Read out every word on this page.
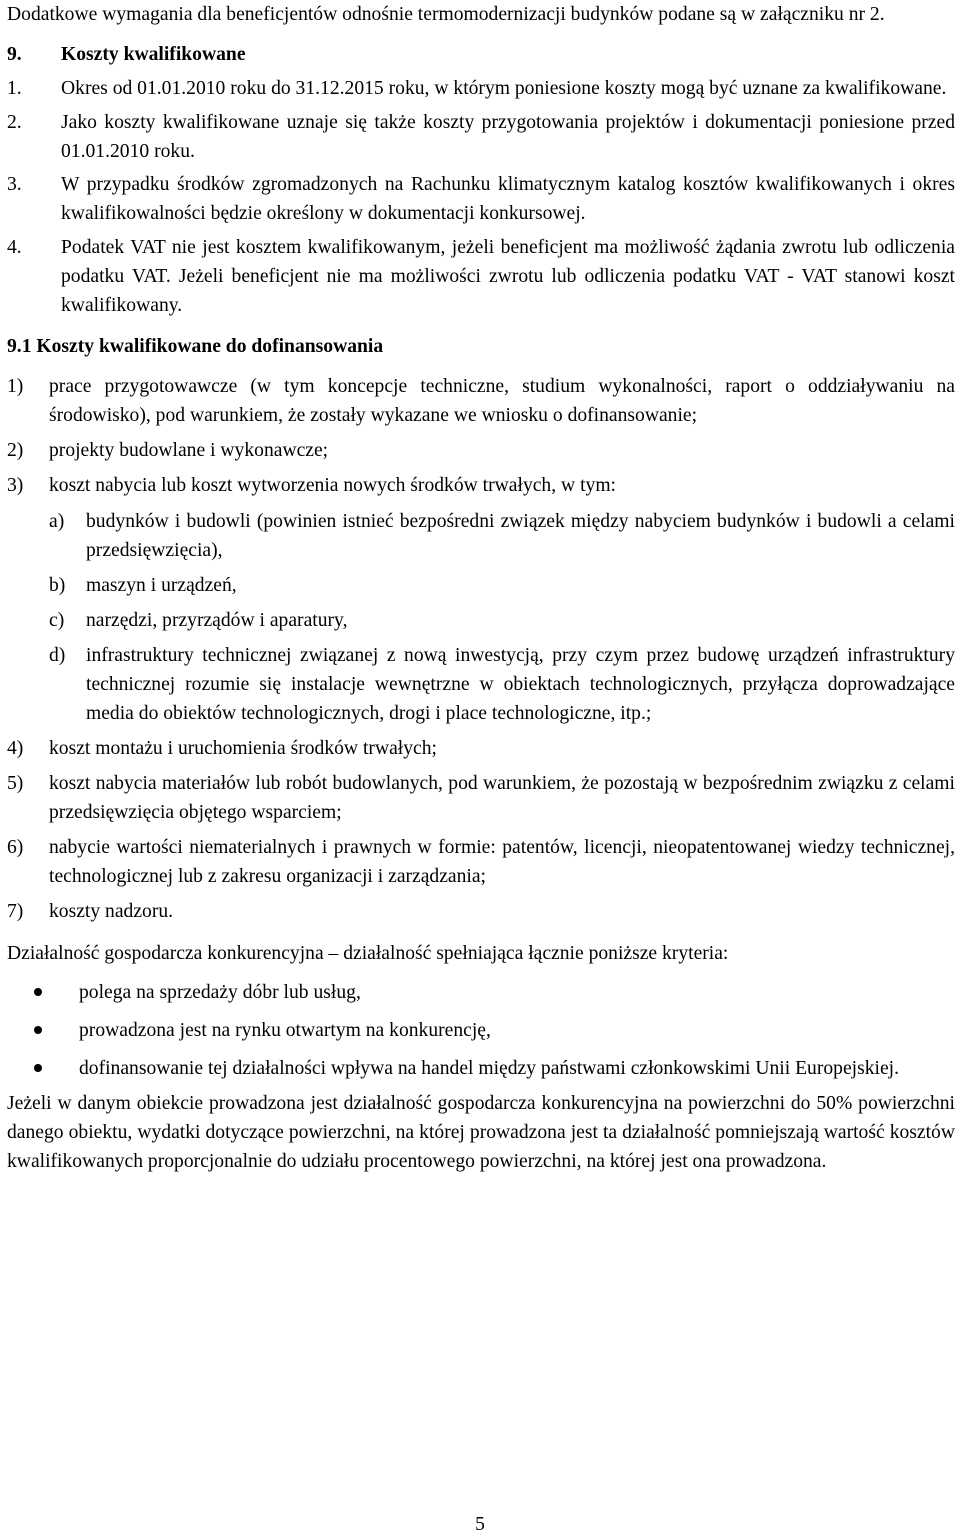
Dodatkowe wymagania dla beneficjentów odnośnie termomodernizacji budynków podane są w załączniku nr 2.

9.	Koszty kwalifikowane
1.	Okres od 01.01.2010 roku do 31.12.2015 roku, w którym poniesione koszty mogą być uznane za kwalifikowane.
2.	Jako koszty kwalifikowane uznaje się także koszty przygotowania projektów i dokumentacji poniesione przed 01.01.2010 roku.
3.	W przypadku środków zgromadzonych na Rachunku klimatycznym katalog kosztów kwalifikowanych i okres kwalifikowalności będzie określony w dokumentacji konkursowej.
4.	Podatek VAT nie jest kosztem kwalifikowanym, jeżeli beneficjent ma możliwość żądania zwrotu lub odliczenia podatku VAT. Jeżeli beneficjent nie ma możliwości zwrotu lub odliczenia podatku VAT - VAT stanowi koszt kwalifikowany.

9.1 Koszty kwalifikowane do dofinansowania

1)	prace przygotowawcze (w tym koncepcje techniczne, studium wykonalności, raport o oddziaływaniu na środowisko), pod warunkiem, że zostały wykazane we wniosku o dofinansowanie;
2)	projekty budowlane i wykonawcze;
3)	koszt nabycia lub koszt wytworzenia nowych środków trwałych, w tym:
a)	budynków i budowli (powinien istnieć bezpośredni związek między nabyciem budynków i budowli a celami przedsięwzięcia),
b)	maszyn i urządzeń,
c)	narzędzi, przyrządów i aparatury,
d)	infrastruktury technicznej związanej z nową inwestycją, przy czym przez budowę urządzeń infrastruktury technicznej rozumie się instalacje wewnętrzne w obiektach technologicznych, przyłącza doprowadzające media do obiektów technologicznych, drogi i place technologiczne, itp.;
4)	koszt montażu i uruchomienia środków trwałych;
5)	koszt nabycia materiałów lub robót budowlanych, pod warunkiem, że pozostają w bezpośrednim związku z celami przedsięwzięcia objętego wsparciem;
6)	nabycie wartości niematerialnych i prawnych w formie: patentów, licencji, nieopatentowanej wiedzy technicznej, technologicznej lub z zakresu organizacji i zarządzania;
7)	koszty nadzoru.

Działalność gospodarcza konkurencyjna – działalność spełniająca łącznie poniższe kryteria:

polega na sprzedaży dóbr lub usług,
prowadzona jest na rynku otwartym na konkurencję,
dofinansowanie tej działalności wpływa na handel między państwami członkowskimi Unii Europejskiej.

Jeżeli w danym obiekcie prowadzona jest działalność gospodarcza konkurencyjna na powierzchni do 50% powierzchni danego obiektu, wydatki dotyczące powierzchni, na której prowadzona jest ta działalność pomniejszają wartość kosztów kwalifikowanych proporcjonalnie do udziału procentowego powierzchni, na której jest ona prowadzona.

5
